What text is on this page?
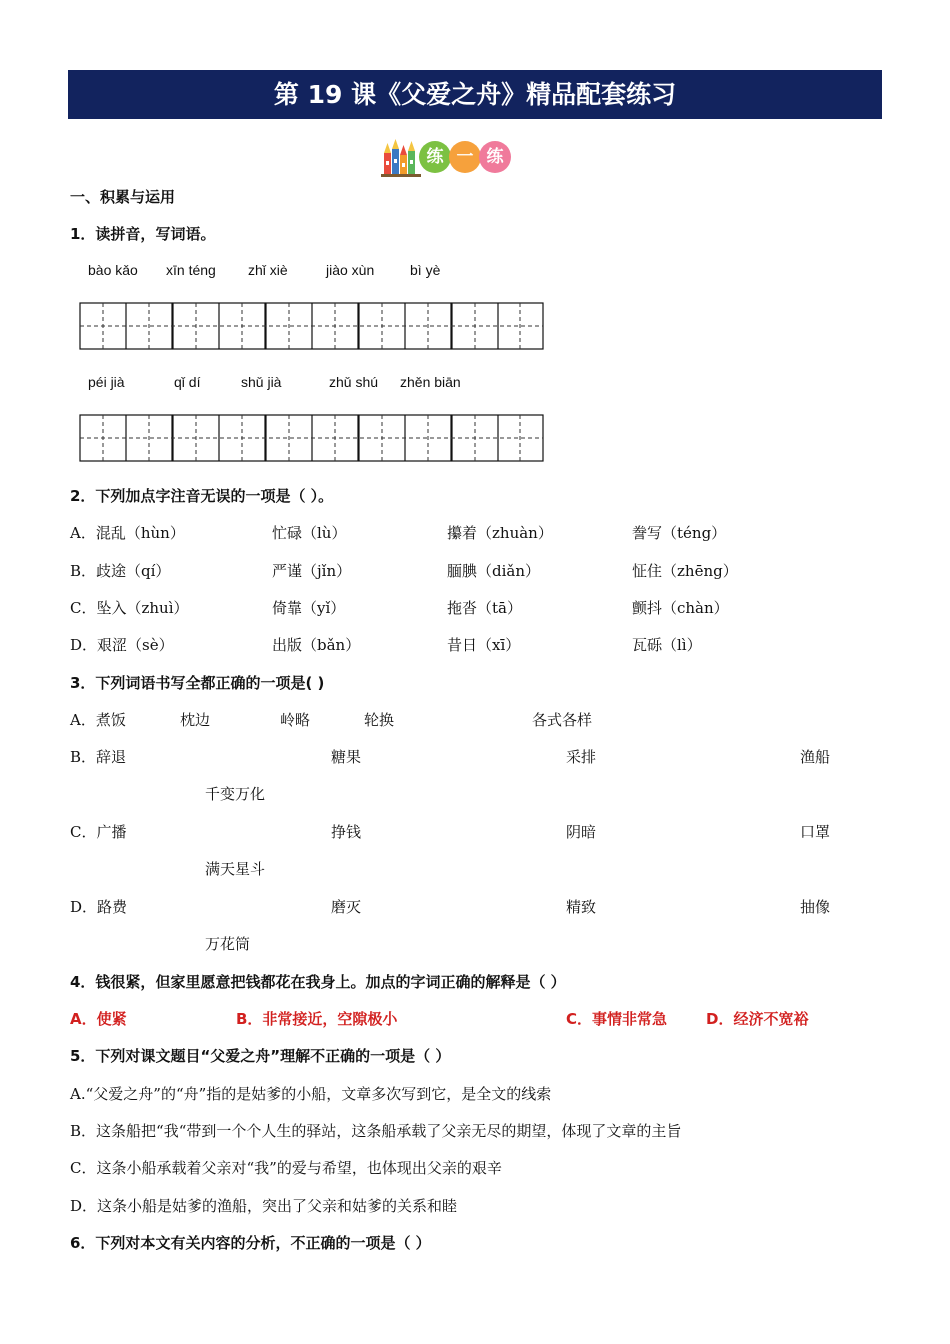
第 19 课《父爱之舟》精品配套练习
练 一 练
一、积累与运用
1．读拼音，写词语。
bào kǎo xīn téng zhǐ xiè	jiào xùn	bì yè
péi jià	qǐ dí	shǔ jià	zhǔ shú zhěn biān
2．下列加点字注音无误的一项是（ ）。
A．混乱（hùn）	忙碌（lù）	攥着（zhuàn）	誊写（téng）
B．歧途（qí）	严谨（jǐn）	腼腆（diǎn）	怔住（zhēng）
C．坠入（zhuì）	倚靠（yǐ）	拖沓（tā）	颤抖（chàn）
D．艰涩（sè）	出版（bǎn）	昔日（xī）	瓦砾（lì）
3．下列词语书写全都正确的一项是( )
A．煮饭	枕边	岭略	轮换	各式各样
B．辞退	糖果	采排	渔船
千变万化
C．广播	挣钱	阴暗	口罩
满天星斗
D．路费	磨灭	精致	抽像
万花筒
4．钱很紧，但家里愿意把钱都花在我身上。加点的字词正确的解释是（ ）
A．使紧	B．非常接近，空隙极小	C．事情非常急	D．经济不宽裕
5．下列对课文题目“父爱之舟”理解不正确的一项是（ ）
A.“父爱之舟”的“舟”指的是姑爹的小船，文章多次写到它，是全文的线索
B．这条船把“我“带到一个个人生的驿站，这条船承载了父亲无尽的期望，体现了文章的主旨
C．这条小船承载着父亲对“我”的爱与希望，也体现出父亲的艰辛
D．这条小船是姑爹的渔船，突出了父亲和姑爹的关系和睦
6．下列对本文有关内容的分析，不正确的一项是（ ）
